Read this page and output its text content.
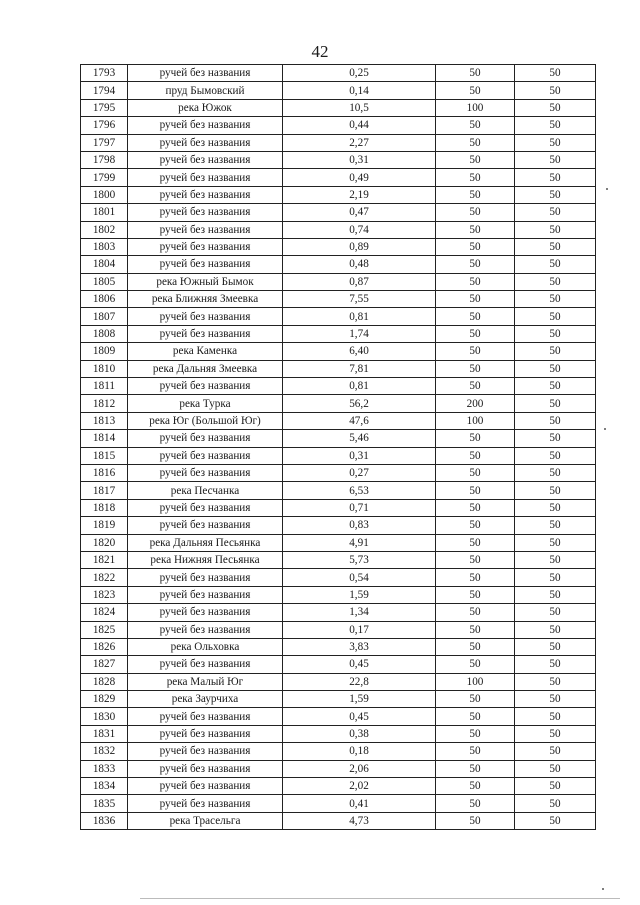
42
1793	ручей без названия	0,25	50	50
1794	пруд Бымовский	0,14	50	50
1795	река Южок	10,5	100	50
1796	ручей без названия	0,44	50	50
1797	ручей без названия	2,27	50	50
1798	ручей без названия	0,31	50	50
1799	ручей без названия	0,49	50	50
1800	ручей без названия	2,19	50	50
1801	ручей без названия	0,47	50	50
1802	ручей без названия	0,74	50	50
1803	ручей без названия	0,89	50	50
1804	ручей без названия	0,48	50	50
1805	река Южный Бымок	0,87	50	50
1806	река Ближняя Змеевка	7,55	50	50
1807	ручей без названия	0,81	50	50
1808	ручей без названия	1,74	50	50
1809	река Каменка	6,40	50	50
1810	река Дальняя Змеевка	7,81	50	50
1811	ручей без названия	0,81	50	50
1812	река Турка	56,2	200	50
1813	река Юг (Большой Юг)	47,6	100	50
1814	ручей без названия	5,46	50	50
1815	ручей без названия	0,31	50	50
1816	ручей без названия	0,27	50	50
1817	река Песчанка	6,53	50	50
1818	ручей без названия	0,71	50	50
1819	ручей без названия	0,83	50	50
1820	река Дальняя Песьянка	4,91	50	50
1821	река Нижняя Песьянка	5,73	50	50
1822	ручей без названия	0,54	50	50
1823	ручей без названия	1,59	50	50
1824	ручей без названия	1,34	50	50
1825	ручей без названия	0,17	50	50
1826	река Ольховка	3,83	50	50
1827	ручей без названия	0,45	50	50
1828	река Малый Юг	22,8	100	50
1829	река Заурчиха	1,59	50	50
1830	ручей без названия	0,45	50	50
1831	ручей без названия	0,38	50	50
1832	ручей без названия	0,18	50	50
1833	ручей без названия	2,06	50	50
1834	ручей без названия	2,02	50	50
1835	ручей без названия	0,41	50	50
1836	река Трасельга	4,73	50	50
